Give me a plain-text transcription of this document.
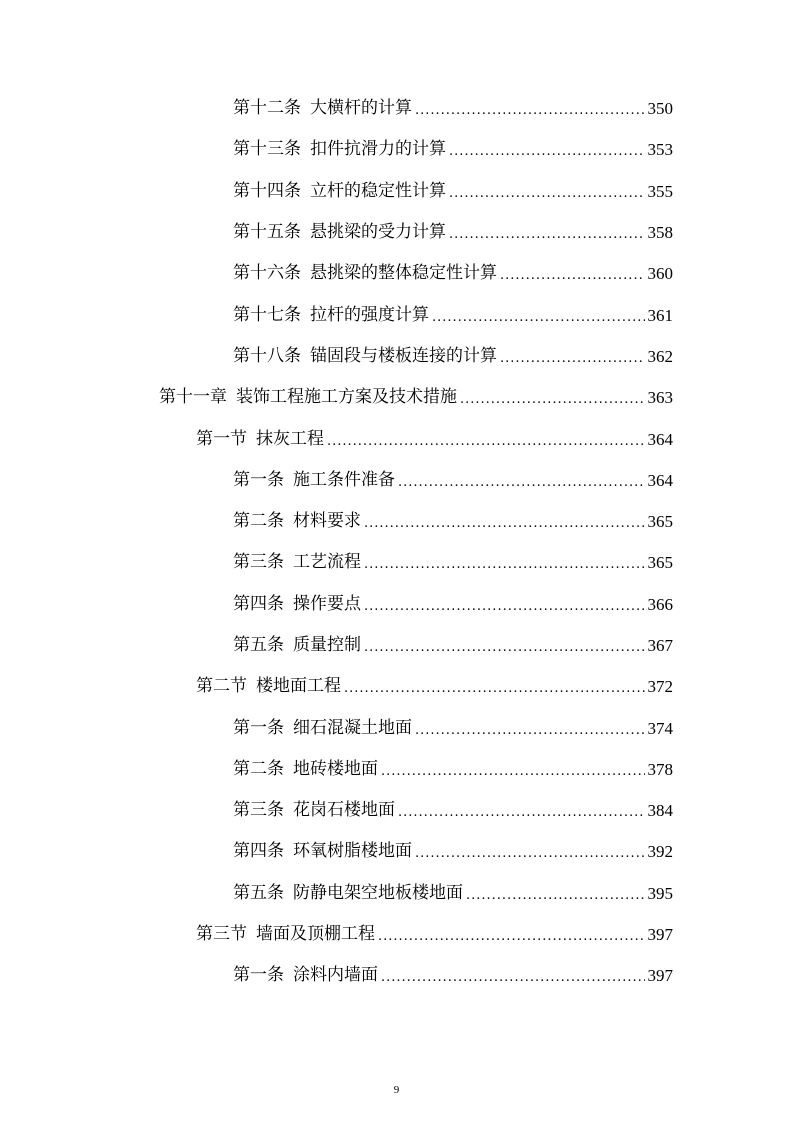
第十二条 大横杆的计算 .....	350
第十三条 扣件抗滑力的计算 .....	353
第十四条 立杆的稳定性计算 .....	355
第十五条 悬挑梁的受力计算 .....	358
第十六条 悬挑梁的整体稳定性计算 .....	360
第十七条 拉杆的强度计算 .....	361
第十八条 锚固段与楼板连接的计算 .....	362
第十一章 装饰工程施工方案及技术措施 .....	363
第一节 抹灰工程 .....	364
第一条 施工条件准备 .....	364
第二条 材料要求 .....	365
第三条 工艺流程 .....	365
第四条 操作要点 .....	366
第五条 质量控制 .....	367
第二节 楼地面工程 .....	372
第一条 细石混凝土地面 .....	374
第二条 地砖楼地面 .....	378
第三条 花岗石楼地面 .....	384
第四条 环氧树脂楼地面 .....	392
第五条 防静电架空地板楼地面 .....	395
第三节 墙面及顶棚工程 .....	397
第一条 涂料内墙面 .....	397
9
